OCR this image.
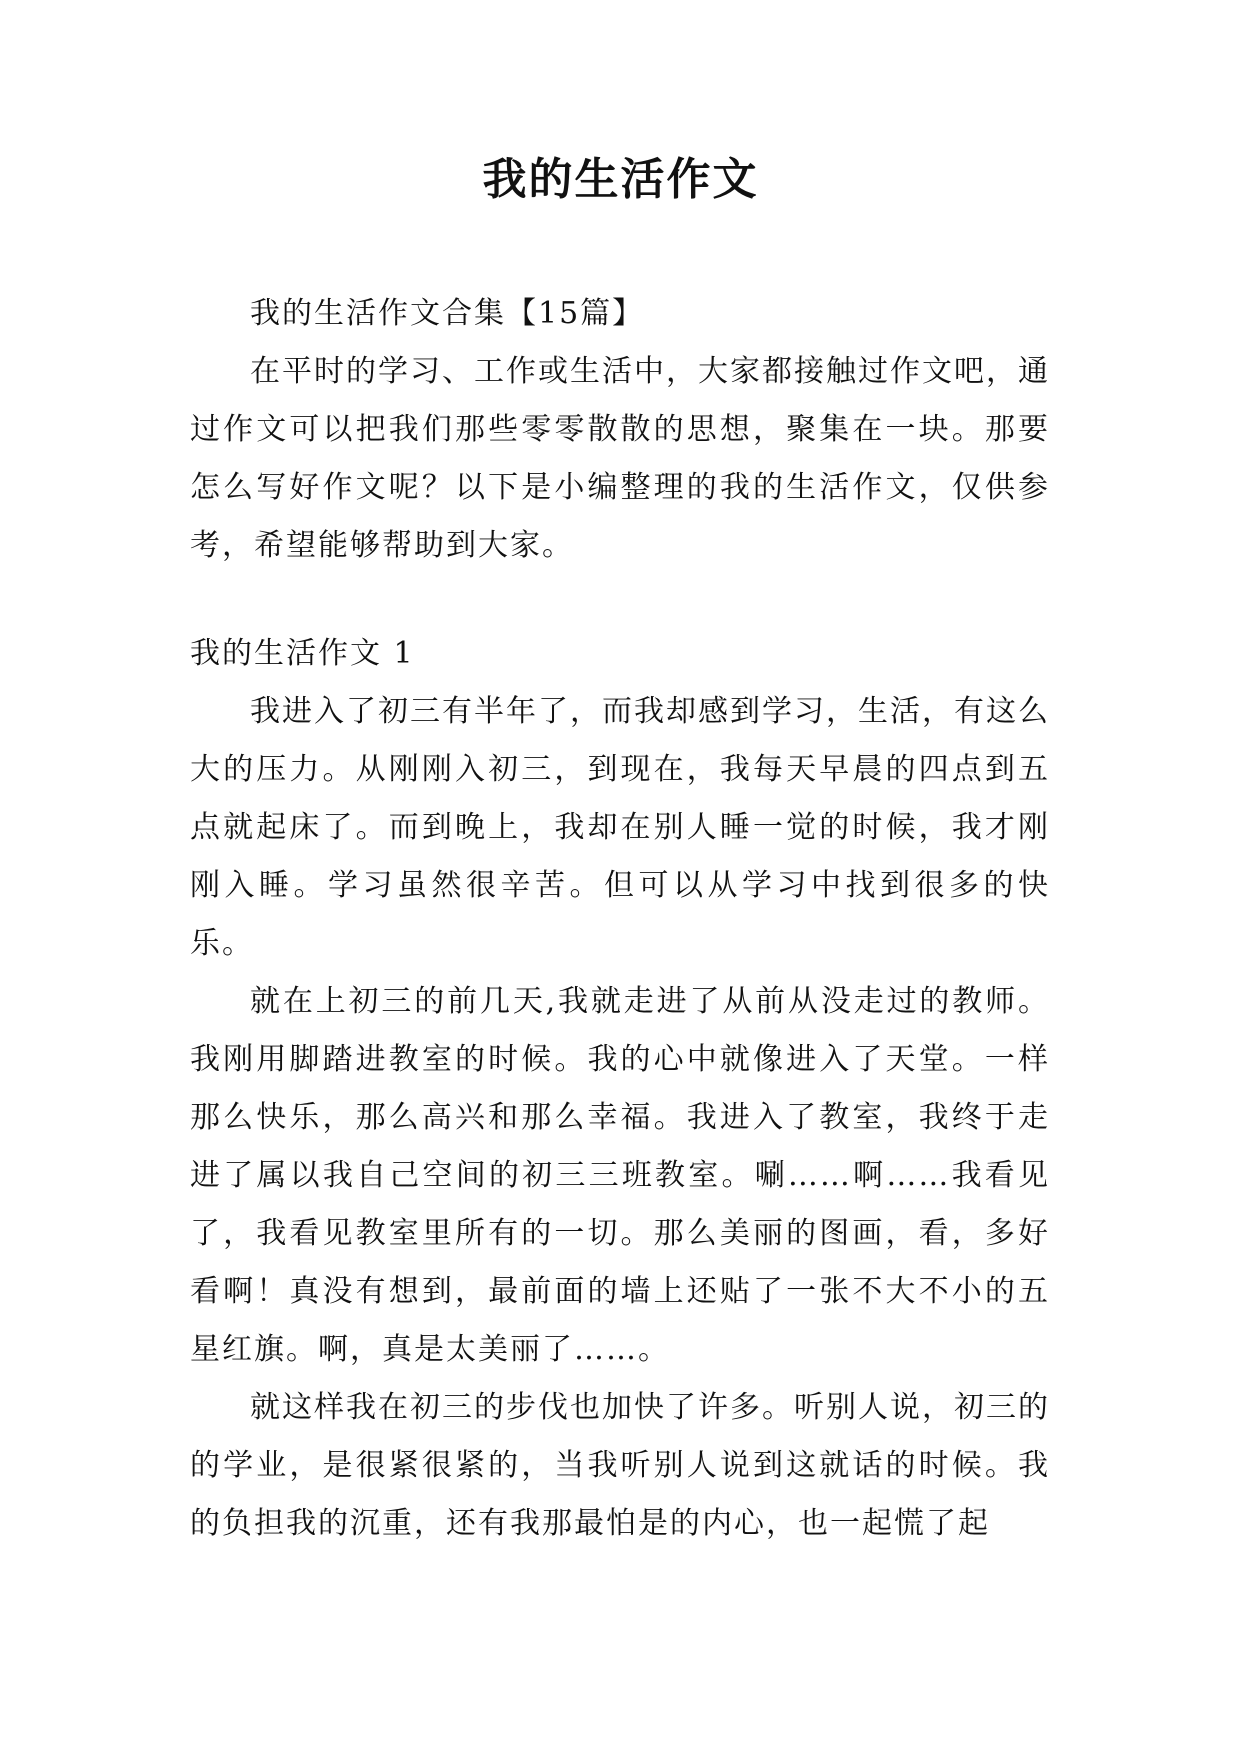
我的生活作文

我的生活作文合集【15篇】

在平时的学习、工作或生活中，大家都接触过作文吧，通过作文可以把我们那些零零散散的思想，聚集在一块。那要怎么写好作文呢？以下是小编整理的我的生活作文，仅供参考，希望能够帮助到大家。

我的生活作文 1

我进入了初三有半年了，而我却感到学习，生活，有这么大的压力。从刚刚入初三，到现在，我每天早晨的四点到五点就起床了。而到晚上，我却在别人睡一觉的时候，我才刚刚入睡。学习虽然很辛苦。但可以从学习中找到很多的快乐。

就在上初三的前几天,我就走进了从前从没走过的教师。我刚用脚踏进教室的时候。我的心中就像进入了天堂。一样那么快乐，那么高兴和那么幸福。我进入了教室，我终于走进了属以我自己空间的初三三班教室。唰……啊……我看见了，我看见教室里所有的一切。那么美丽的图画，看，多好看啊！真没有想到，最前面的墙上还贴了一张不大不小的五星红旗。啊，真是太美丽了……。

就这样我在初三的步伐也加快了许多。听别人说，初三的的学业，是很紧很紧的，当我听别人说到这就话的时候。我的负担我的沉重，还有我那最怕是的内心，也一起慌了起
